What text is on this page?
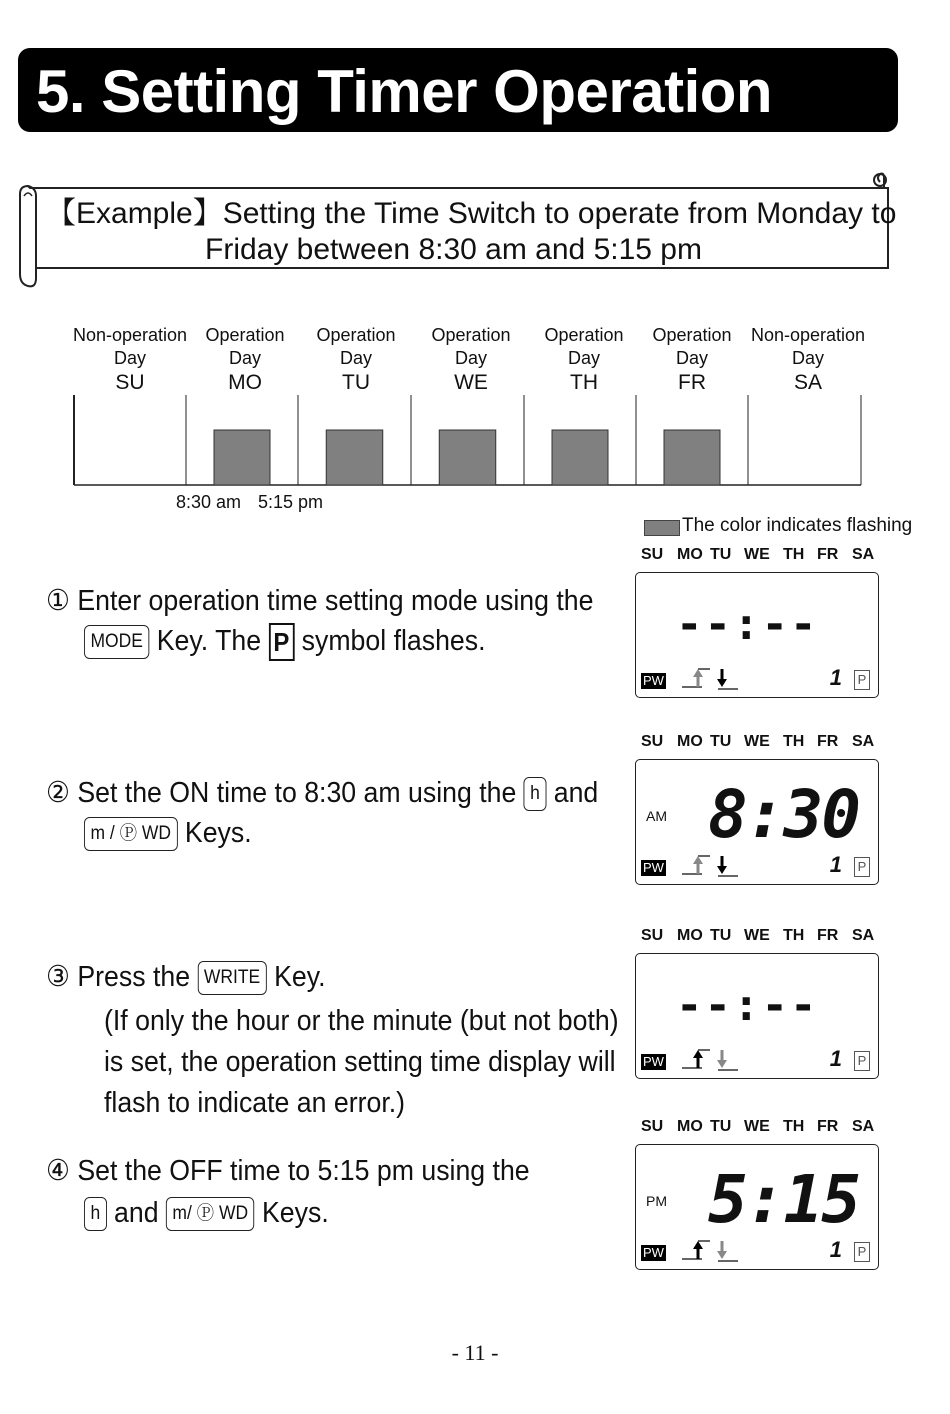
5. Setting Timer Operation
【Example】Setting the Time Switch to operate from Monday to
Friday between 8:30 am and 5:15 pm
Non-operation
Day
SU
Operation
Day
MO
Operation
Day
TU
Operation
Day
WE
Operation
Day
TH
Operation
Day
FR
Non-operation
Day
SA
8:30 am 5:15 pm
The color indicates flashing
① Enter operation time setting mode using the
MODE Key. The P symbol flashes.
② Set the ON time to 8:30 am using the h and
m / Ⓟ WD Keys.
③ Press the WRITE Key.
(If only the hour or the minute (but not both)
is set, the operation setting time display will
flash to indicate an error.)
④ Set the OFF time to 5:15 pm using the
h and m/ Ⓟ WD Keys.
SU MO TU WE TH FR SA
--:--
PW	1 P
SU MO TU WE TH FR SA
8:30
AM
PW	1 P
SU MO TU WE TH FR SA
--:--
PW	1 P
SU MO TU WE TH FR SA
5:15
PM
PW	1 P
- 11 -
